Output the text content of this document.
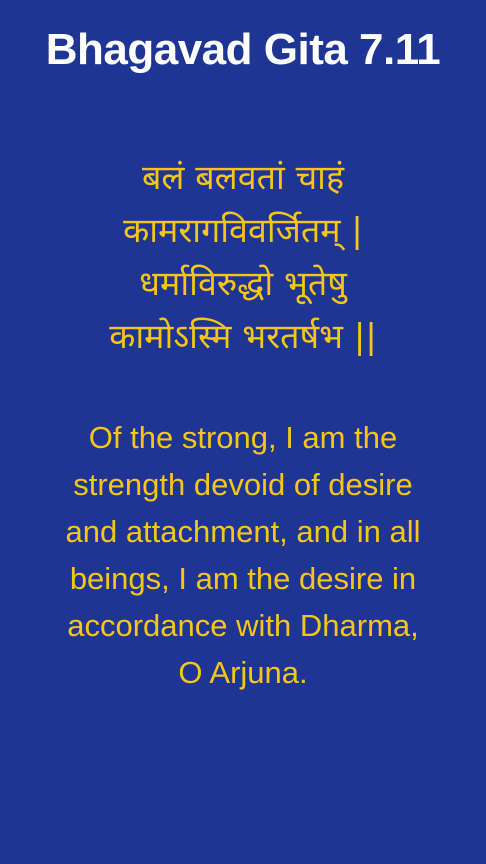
Bhagavad Gita 7.11
बलं बलवतां चाहं
कामरागविवर्जितम् |
धर्माविरुद्धो भूतेषु
कामोऽस्मि भरतर्षभ ||
Of the strong, I am the
strength devoid of desire
and attachment, and in all
beings, I am the desire in
accordance with Dharma,
O Arjuna.
